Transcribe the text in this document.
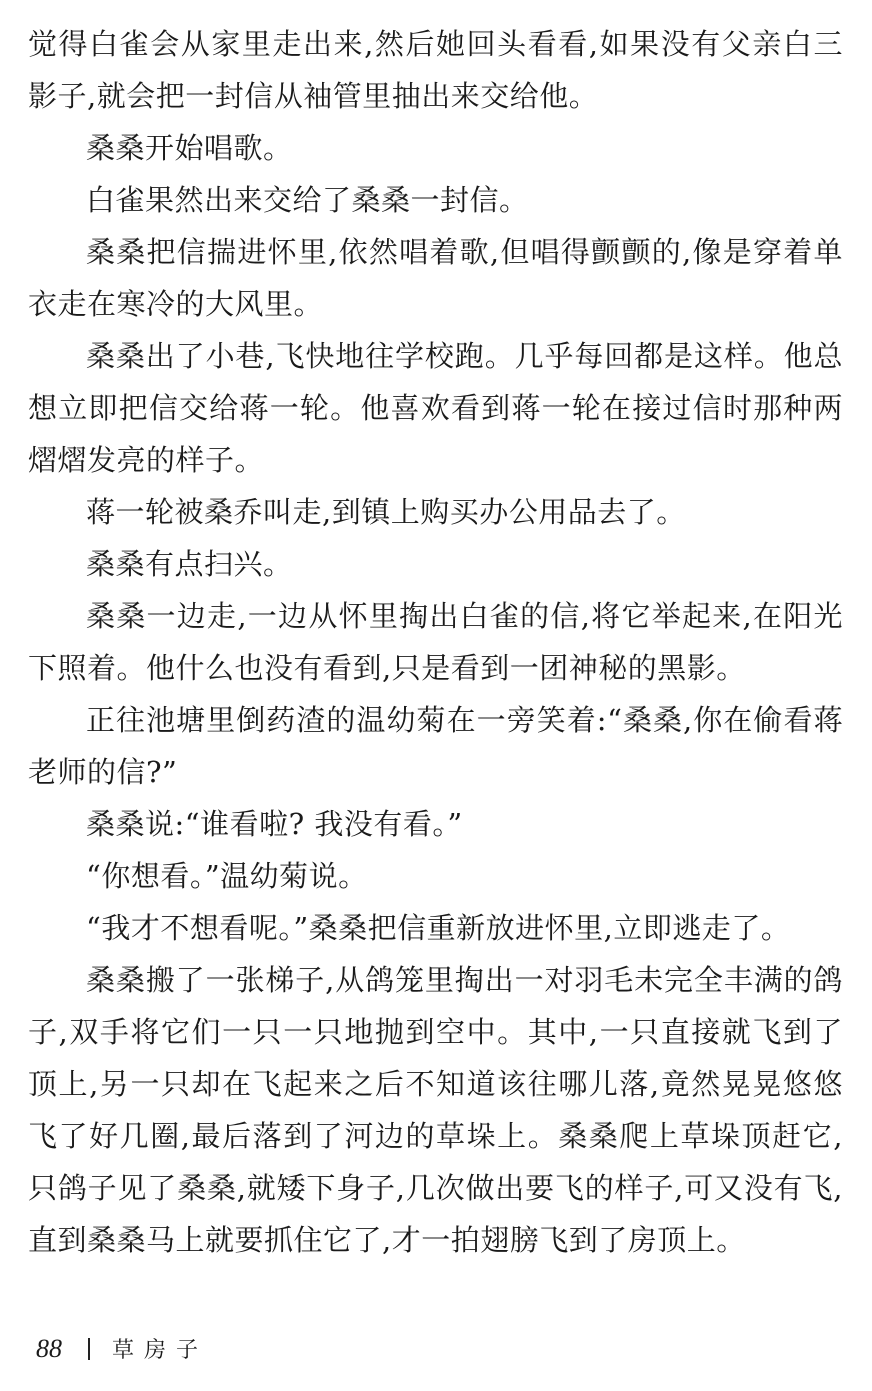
觉得白雀会从家里走出来,然后她回头看看,如果没有父亲白三
影子,就会把一封信从袖管里抽出来交给他。
桑桑开始唱歌。
白雀果然出来交给了桑桑一封信。
桑桑把信揣进怀里,依然唱着歌,但唱得颤颤的,像是穿着单
衣走在寒冷的大风里。
桑桑出了小巷,飞快地往学校跑。几乎每回都是这样。他总
想立即把信交给蒋一轮。他喜欢看到蒋一轮在接过信时那种两
熠熠发亮的样子。
蒋一轮被桑乔叫走,到镇上购买办公用品去了。
桑桑有点扫兴。
桑桑一边走,一边从怀里掏出白雀的信,将它举起来,在阳光
下照着。他什么也没有看到,只是看到一团神秘的黑影。
正往池塘里倒药渣的温幼菊在一旁笑着:“桑桑,你在偷看蒋
老师的信?”
桑桑说:“谁看啦? 我没有看。”
“你想看。”温幼菊说。
“我才不想看呢。”桑桑把信重新放进怀里,立即逃走了。
桑桑搬了一张梯子,从鸽笼里掏出一对羽毛未完全丰满的鸽
子,双手将它们一只一只地抛到空中。其中,一只直接就飞到了
顶上,另一只却在飞起来之后不知道该往哪儿落,竟然晃晃悠悠
飞了好几圈,最后落到了河边的草垛上。桑桑爬上草垛顶赶它,
只鸽子见了桑桑,就矮下身子,几次做出要飞的样子,可又没有飞,
直到桑桑马上就要抓住它了,才一拍翅膀飞到了房顶上。
88 草房子
